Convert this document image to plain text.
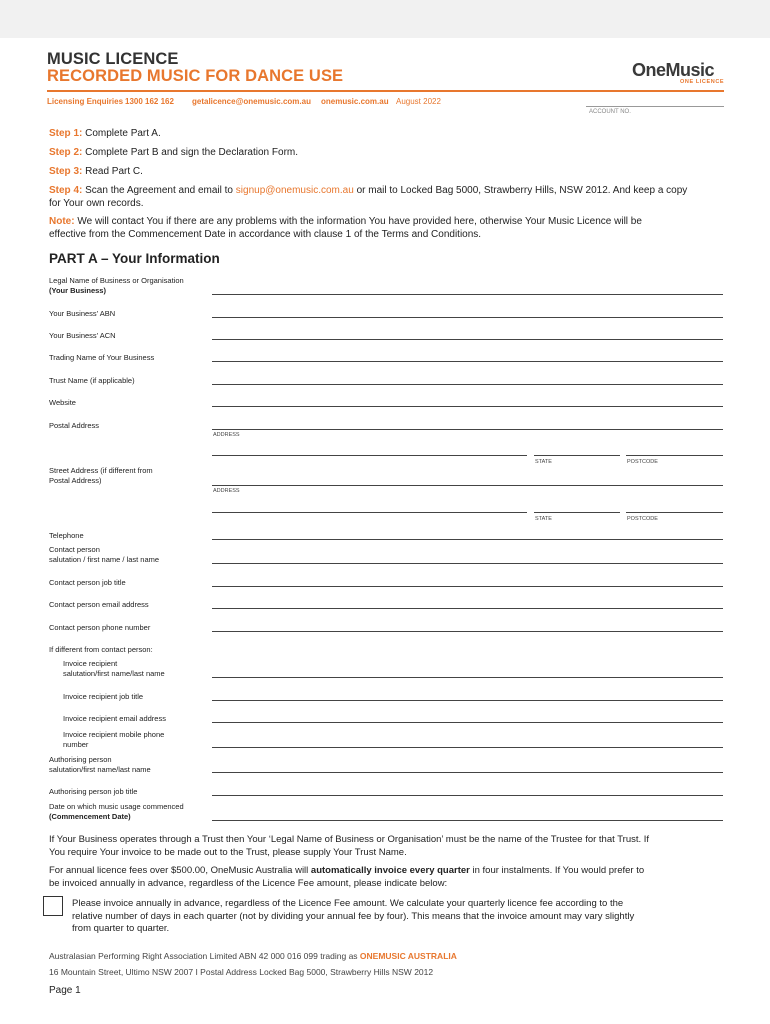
MUSIC LICENCE
RECORDED MUSIC FOR DANCE USE	OneMusic
ONE LICENCE
Licensing Enquiries 1300 162 162 getalicence@onemusic.com.au onemusic.com.au August 2022
ACCOUNT NO.
Step 1: Complete Part A.
Step 2: Complete Part B and sign the Declaration Form.
Step 3: Read Part C.
Step 4: Scan the Agreement and email to signup@onemusic.com.au or mail to Locked Bag 5000, Strawberry Hills, NSW 2012. And keep a copy
for Your own records.
Note: We will contact You if there are any problems with the information You have provided here, otherwise Your Music Licence will be
effective from the Commencement Date in accordance with clause 1 of the Terms and Conditions.
PART A – Your Information
Legal Name of Business or Organisation
(Your Business)
Your Business’ ABN
Your Business’ ACN
Trading Name of Your Business
Trust Name (if applicable)
Website
Postal Address
ADDRESS
STATE	POSTCODE
Street Address (if different from
Postal Address)
ADDRESS
STATE	POSTCODE
Telephone
Contact person
salutation / first name / last name
Contact person job title
Contact person email address
Contact person phone number
If different from contact person:
Invoice recipient
salutation/first name/last name
Invoice recipient job title
Invoice recipient email address
Invoice recipient mobile phone
number
Authorising person
salutation/first name/last name
Authorising person job title
Date on which music usage commenced
(Commencement Date)
If Your Business operates through a Trust then Your ‘Legal Name of Business or Organisation’ must be the name of the Trustee for that Trust. If
You require Your invoice to be made out to the Trust, please supply Your Trust Name.
For annual licence fees over $500.00, OneMusic Australia will automatically invoice every quarter in four instalments. If You would prefer to
be invoiced annually in advance, regardless of the Licence Fee amount, please indicate below:
Please invoice annually in advance, regardless of the Licence Fee amount. We calculate your quarterly licence fee according to the
relative number of days in each quarter (not by dividing your annual fee by four). This means that the invoice amount may vary slightly
from quarter to quarter.
Australasian Performing Right Association Limited ABN 42 000 016 099 trading as ONEMUSIC AUSTRALIA
16 Mountain Street, Ultimo NSW 2007 I Postal Address Locked Bag 5000, Strawberry Hills NSW 2012
Page 1
